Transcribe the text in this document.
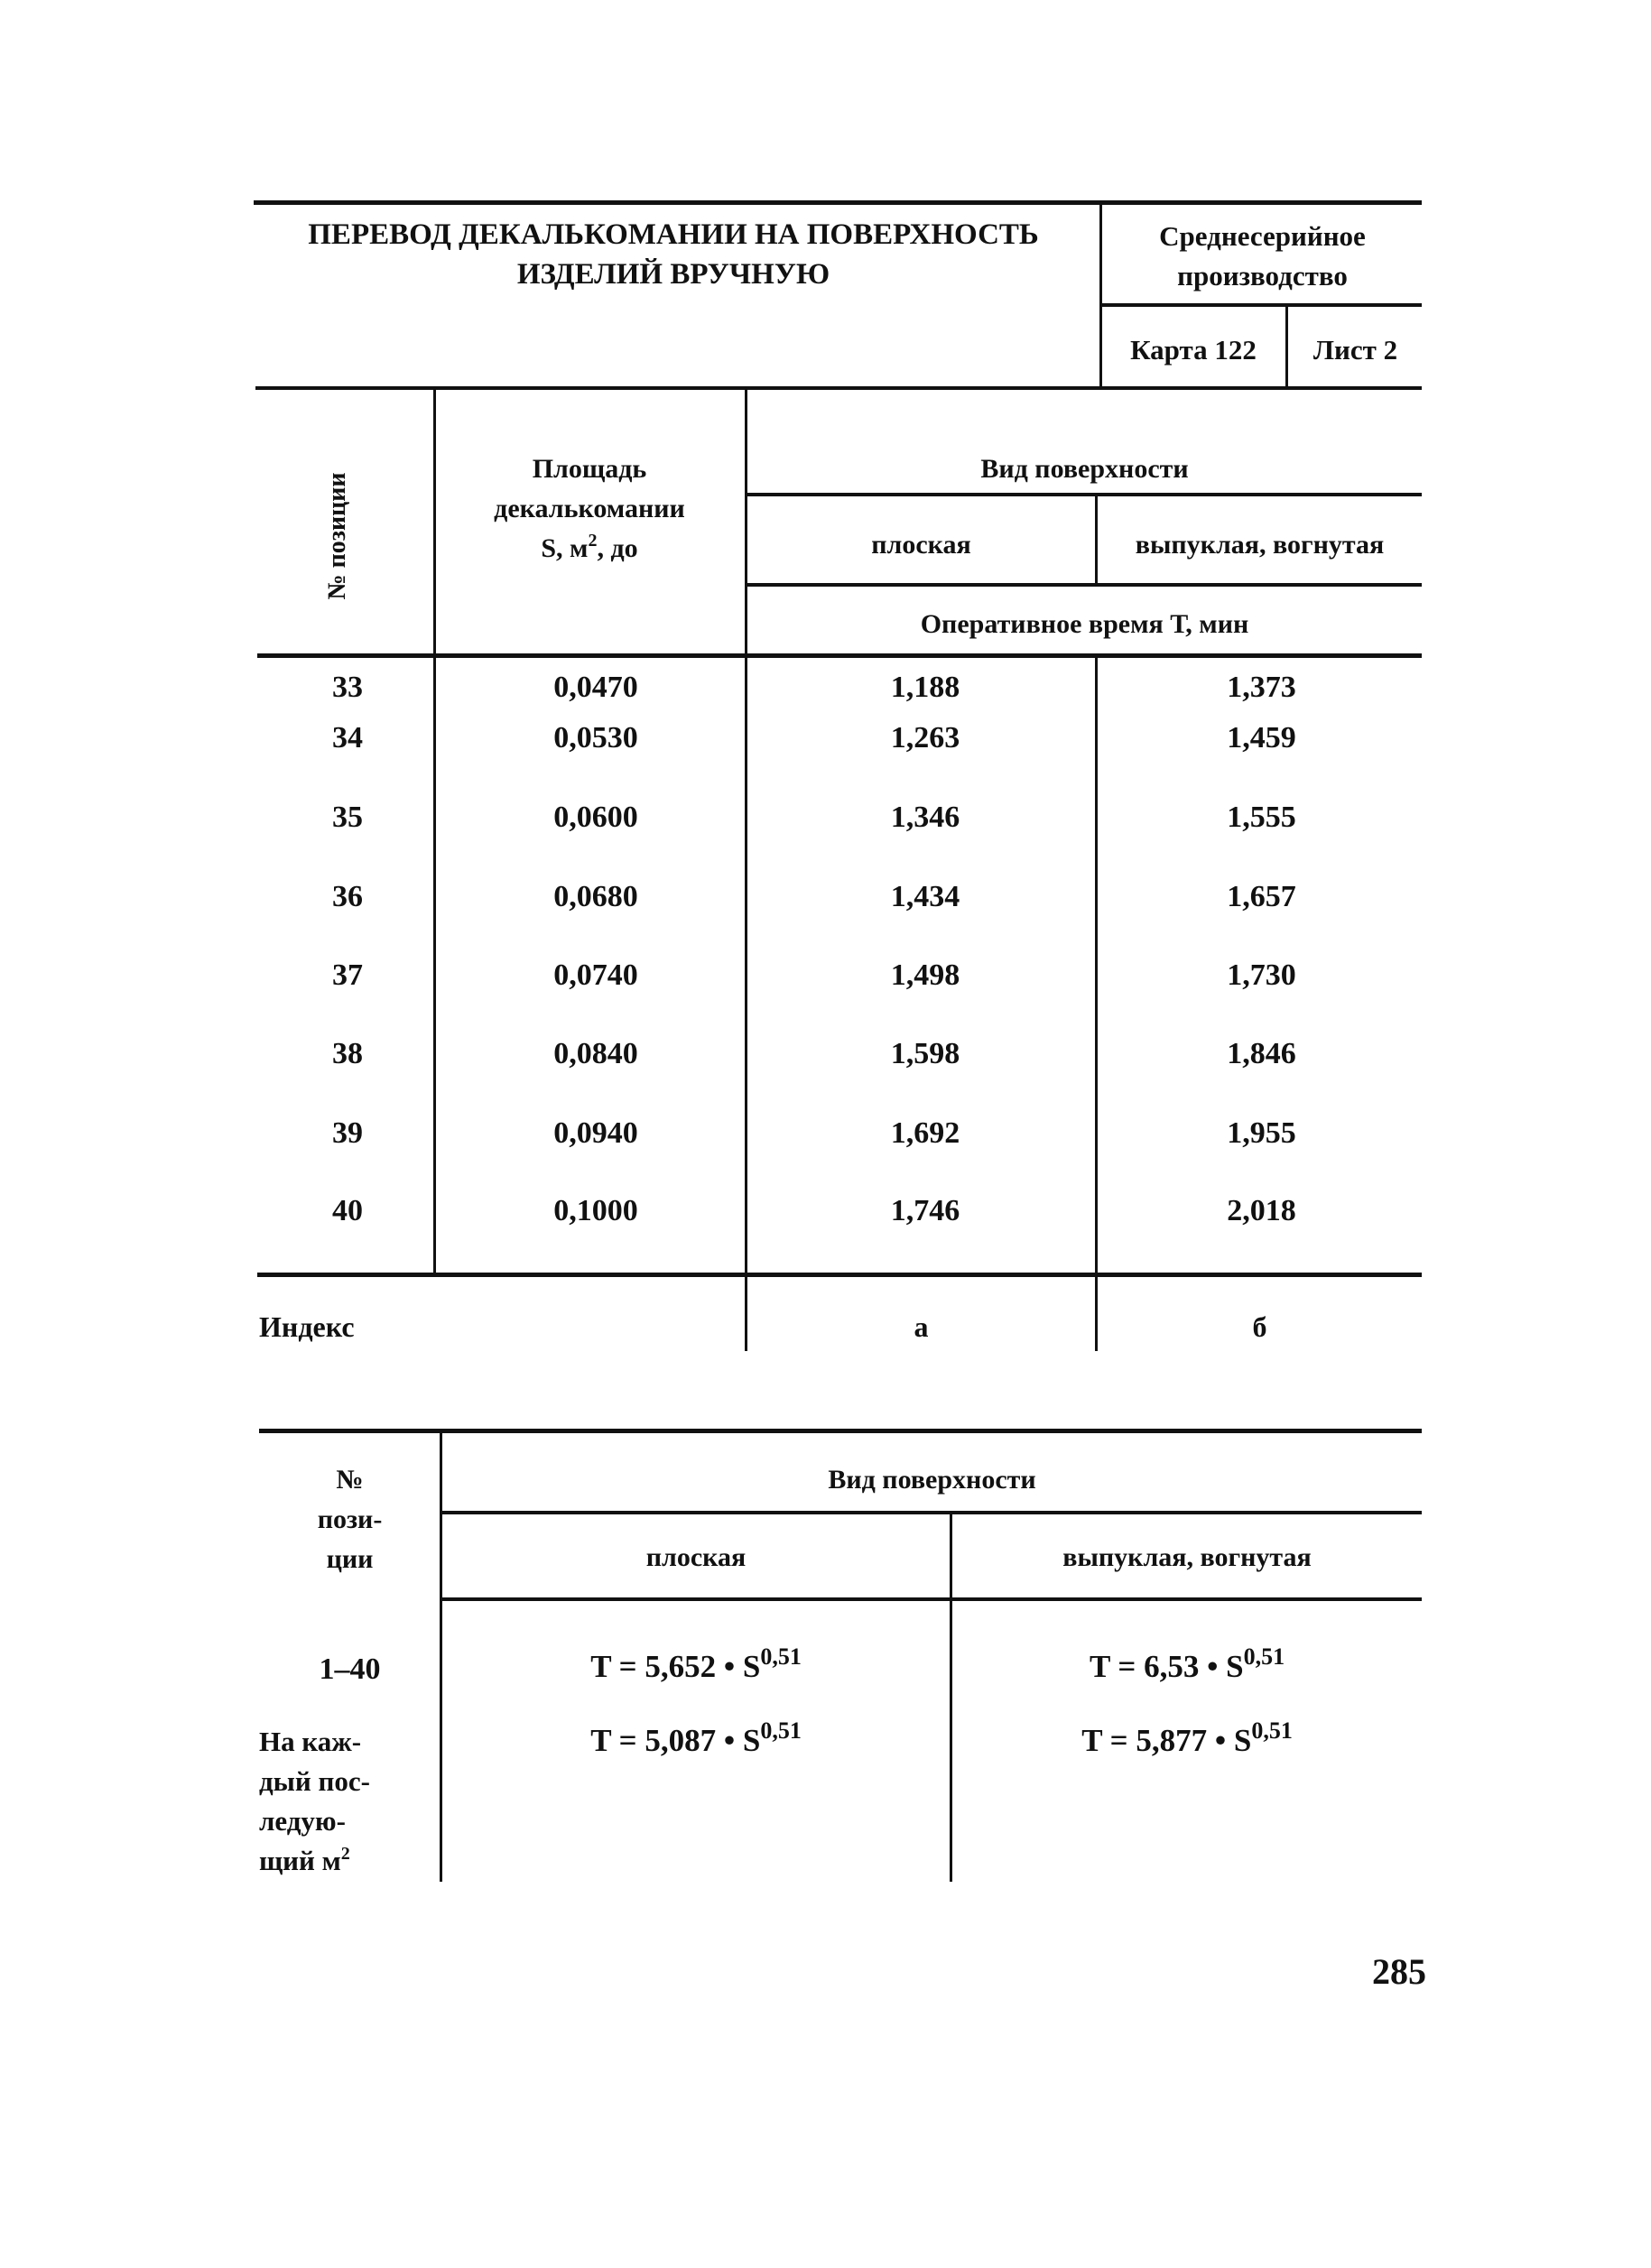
ПЕРЕВОД ДЕКАЛЬКОМАНИИ НА ПОВЕРХНОСТЬ
ИЗДЕЛИЙ ВРУЧНУЮ
Среднесерийное
производство
Карта 122	Лист 2
№ позиции
Площадь
декалькомании
S, $м^2$, до
Вид поверхности
плоская	выпуклая, вогнутая
Оперативное время Т, мин
33	0,0470	1,188	1,373
34	0,0530	1,263	1,459
35	0,0600	1,346	1,555
36	0,0680	1,434	1,657
37	0,0740	1,498	1,730
38	0,0840	1,598	1,846
39	0,0940	1,692	1,955
40	0,1000	1,746	2,018
Индекс	а	б
№
пози-
ции
Вид поверхности
плоская	выпуклая, вогнутая
1–40	T = 5,652 • S$^{0,51}$	T = 6,53 • S$^{0,51}$
На каж-
дый пос-
ледую-
щий $м^2$
T = 5,087 • S$^{0,51}$	T = 5,877 • S$^{0,51}$
285
